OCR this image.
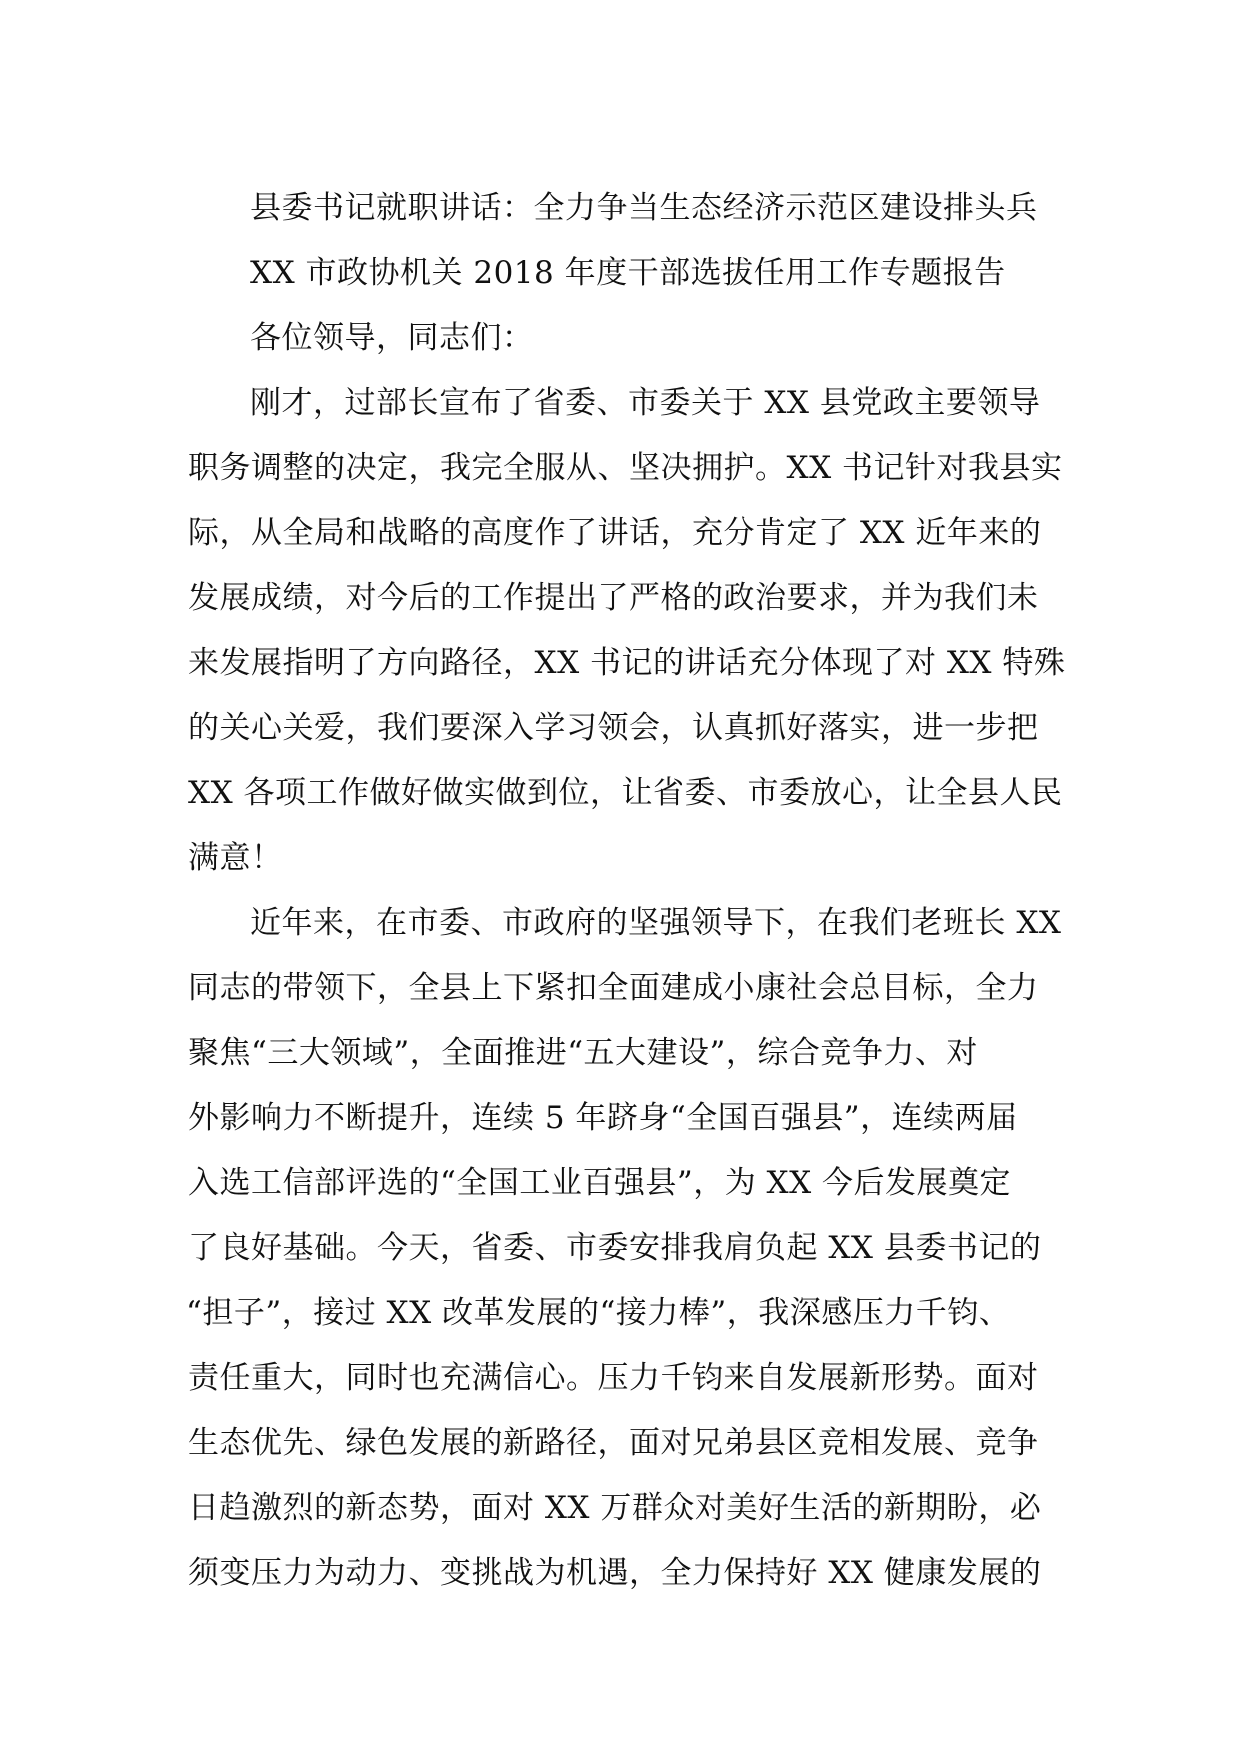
县委书记就职讲话：全力争当生态经济示范区建设排头兵
XX 市政协机关 2018 年度干部选拔任用工作专题报告
各位领导，同志们：
刚才，过部长宣布了省委、市委关于 XX 县党政主要领导
职务调整的决定，我完全服从、坚决拥护。XX 书记针对我县实
际，从全局和战略的高度作了讲话，充分肯定了 XX 近年来的
发展成绩，对今后的工作提出了严格的政治要求，并为我们未
来发展指明了方向路径，XX 书记的讲话充分体现了对 XX 特殊
的关心关爱，我们要深入学习领会，认真抓好落实，进一步把
XX 各项工作做好做实做到位，让省委、市委放心，让全县人民
满意！
近年来，在市委、市政府的坚强领导下，在我们老班长 XX
同志的带领下，全县上下紧扣全面建成小康社会总目标，全力
聚焦“三大领域”，全面推进“五大建设”，综合竞争力、对
外影响力不断提升，连续 5 年跻身“全国百强县”，连续两届
入选工信部评选的“全国工业百强县”，为 XX 今后发展奠定
了良好基础。今天，省委、市委安排我肩负起 XX 县委书记的
“担子”，接过 XX 改革发展的“接力棒”，我深感压力千钧、
责任重大，同时也充满信心。压力千钧来自发展新形势。面对
生态优先、绿色发展的新路径，面对兄弟县区竞相发展、竞争
日趋激烈的新态势，面对 XX 万群众对美好生活的新期盼，必
须变压力为动力、变挑战为机遇，全力保持好 XX 健康发展的
